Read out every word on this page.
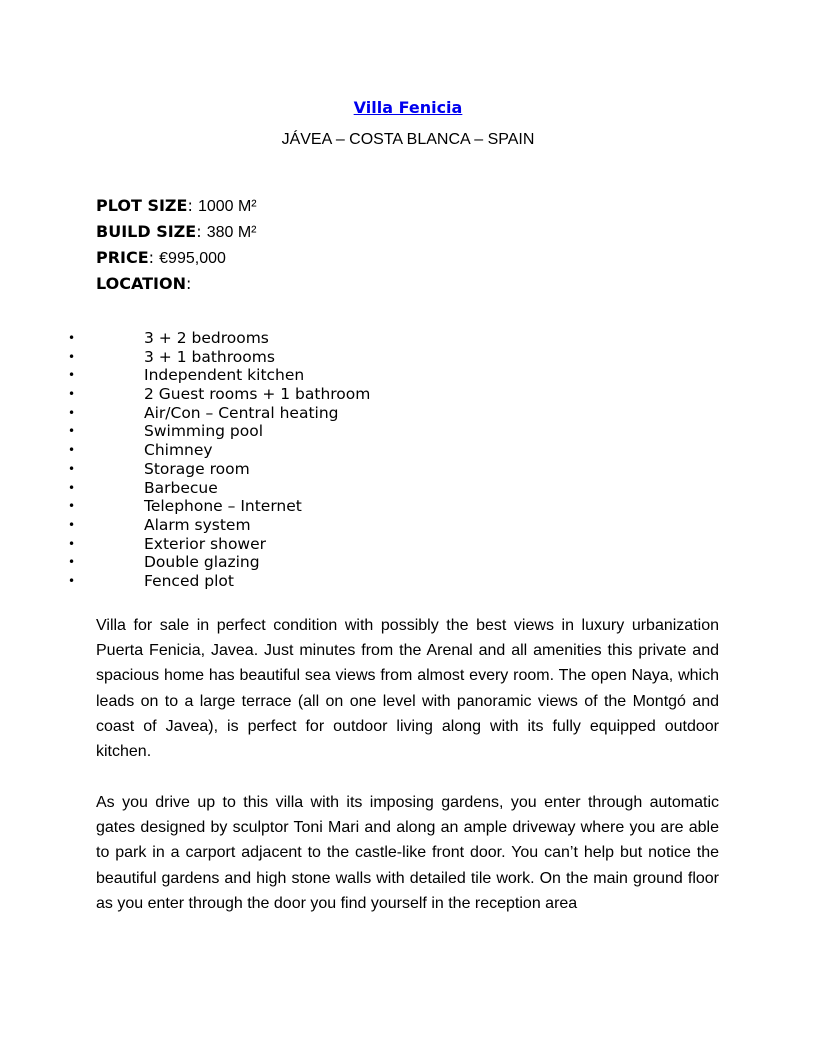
Villa Fenicia

JÁVEA – COSTA BLANCA – SPAIN

PLOT SIZE: 1000 M²
BUILD SIZE: 380 M²
PRICE: €995,000
LOCATION:
•	3 + 2 bedrooms
•	3 + 1 bathrooms
•	Independent kitchen
•	2 Guest rooms + 1 bathroom
•	Air/Con – Central heating
•	Swimming pool
•	Chimney
•	Storage room
•	Barbecue
•	Telephone – Internet
•	Alarm system
•	Exterior shower
•	Double glazing
•	Fenced plot

Villa for sale in perfect condition with possibly the best views in luxury urbanization Puerta Fenicia, Javea. Just minutes from the Arenal and all amenities this private and spacious home has beautiful sea views from almost every room. The open Naya, which leads on to a large terrace (all on one level with panoramic views of the Montgó and coast of Javea), is perfect for outdoor living along with its fully equipped outdoor kitchen.

As you drive up to this villa with its imposing gardens, you enter through automatic gates designed by sculptor Toni Mari and along an ample driveway where you are able to park in a carport adjacent to the castle-like front door. You can’t help but notice the beautiful gardens and high stone walls with detailed tile work. On the main ground floor as you enter through the door you find yourself in the reception area
